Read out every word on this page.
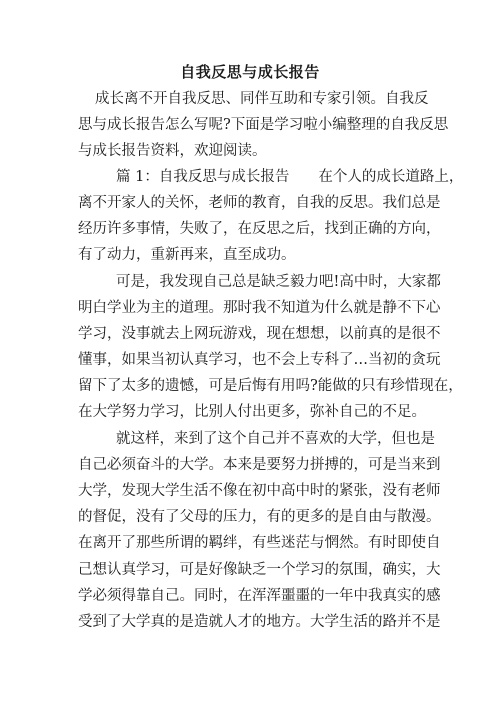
自我反思与成长报告
成长离不开自我反思、同伴互助和专家引领。自我反
思与成长报告怎么写呢?下面是学习啦小编整理的自我反思
与成长报告资料，欢迎阅读。
篇 1：自我反思与成长报告　　在个人的成长道路上，
离不开家人的关怀，老师的教育，自我的反思。我们总是
经历许多事情，失败了，在反思之后，找到正确的方向，
有了动力，重新再来，直至成功。
可是，我发现自己总是缺乏毅力吧!高中时，大家都
明白学业为主的道理。那时我不知道为什么就是静不下心
学习，没事就去上网玩游戏，现在想想，以前真的是很不
懂事，如果当初认真学习，也不会上专科了…当初的贪玩
留下了太多的遗憾，可是后悔有用吗?能做的只有珍惜现在，
在大学努力学习，比别人付出更多，弥补自己的不足。
就这样，来到了这个自己并不喜欢的大学，但也是
自己必须奋斗的大学。本来是要努力拼搏的，可是当来到
大学，发现大学生活不像在初中高中时的紧张，没有老师
的督促，没有了父母的压力，有的更多的是自由与散漫。
在离开了那些所谓的羁绊，有些迷茫与惘然。有时即使自
己想认真学习，可是好像缺乏一个学习的氛围，确实，大
学必须得靠自己。同时，在浑浑噩噩的一年中我真实的感
受到了大学真的是造就人才的地方。大学生活的路并不是
